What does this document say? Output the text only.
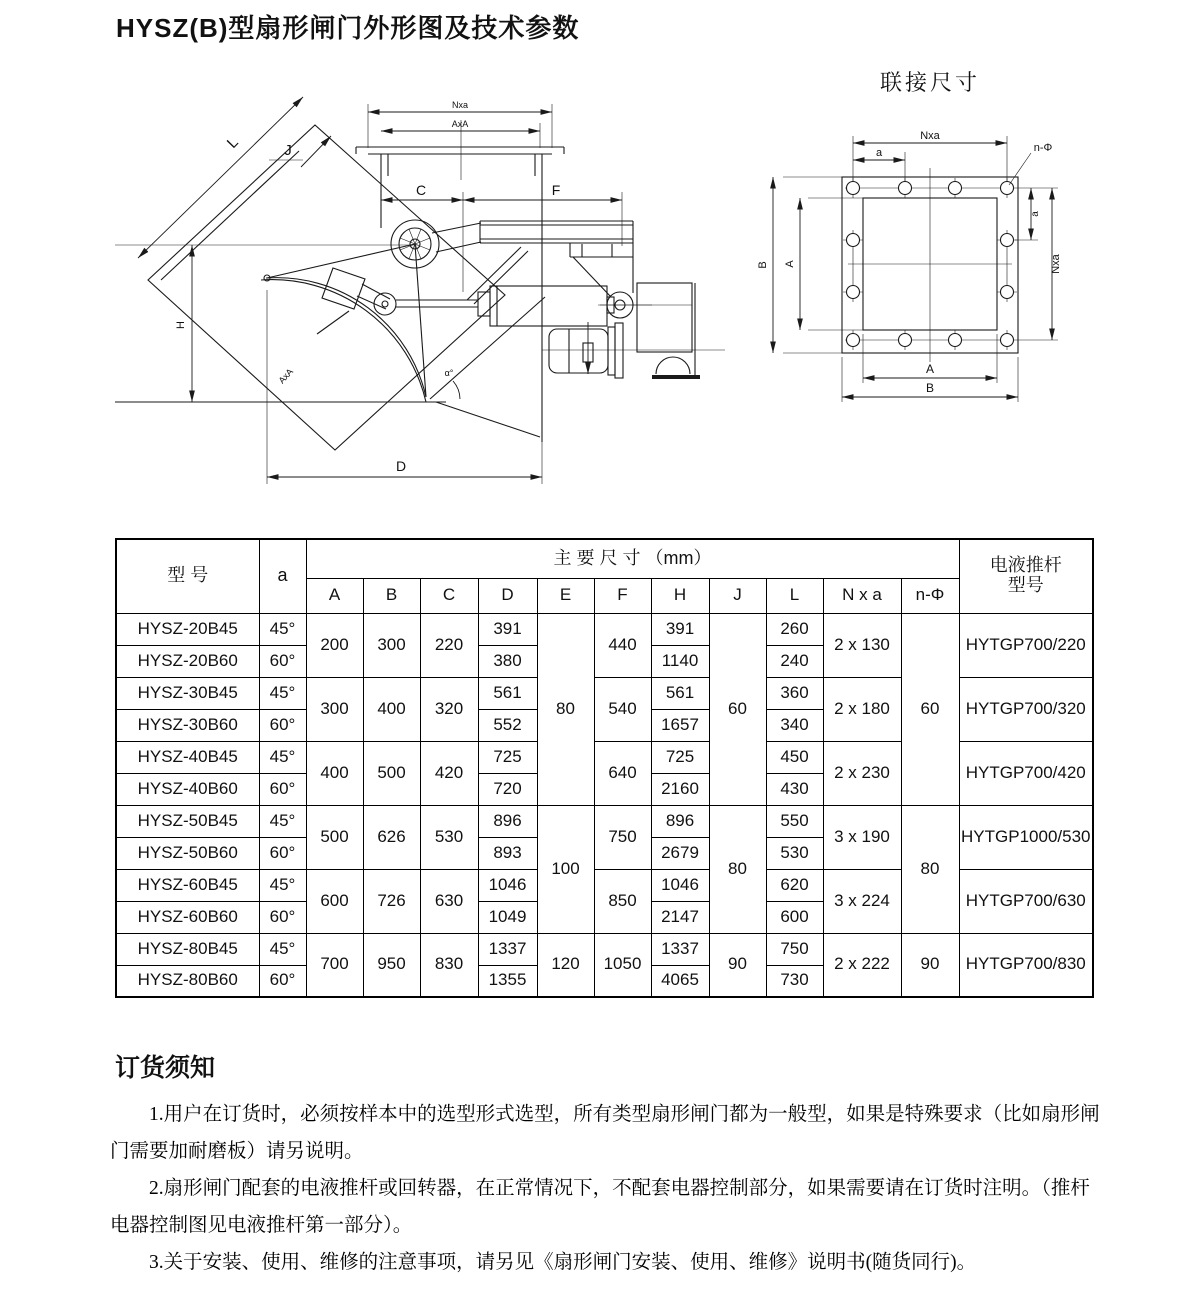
HYSZ(B)型扇形闸门外形图及技术参数
Nxa
AxA
C	F
L	J
H
D
α°
AxA
联接尺寸
Nxa
a	n-Φ
B A
a
Nxa
A
B
型 号	a	主 要 尺 寸 （mm）											电液推杆
型号

		A	B	C	D	E	F	H	J	L	N x a	n-Φ	
HYSZ-20B45	45°	200	300	220	391	80	440	391	60	260	2 x 130	60	HYTGP700/220
HYSZ-20B60	60°				380			1140		240			
HYSZ-30B45	45°	300	400	320	561		540	561		360	2 x 180		HYTGP700/320
HYSZ-30B60	60°				552			1657		340			
HYSZ-40B45	45°	400	500	420	725		640	725		450	2 x 230		HYTGP700/420
HYSZ-40B60	60°				720			2160		430			
HYSZ-50B45	45°	500	626	530	896	100	750	896	80	550	3 x 190	80	HYTGP1000/530
HYSZ-50B60	60°				893			2679		530			
HYSZ-60B45	45°	600	726	630	1046		850	1046		620	3 x 224		HYTGP700/630
HYSZ-60B60	60°				1049			2147		600			
HYSZ-80B45	45°	700	950	830	1337	120	1050	1337	90	750	2 x 222	90	HYTGP700/830
HYSZ-80B60	60°				1355			4065		730			
订货须知

1.用户在订货时，必须按样本中的选型形式选型，所有类型扇形闸门都为一般型，如果是特殊要求（比如扇形闸门需要加耐磨板）请另说明。

2.扇形闸门配套的电液推杆或回转器，在正常情况下，不配套电器控制部分，如果需要请在订货时注明。（推杆电器控制图见电液推杆第一部分）。

3.关于安装、使用、维修的注意事项，请另见《扇形闸门安装、使用、维修》说明书(随货同行)。
